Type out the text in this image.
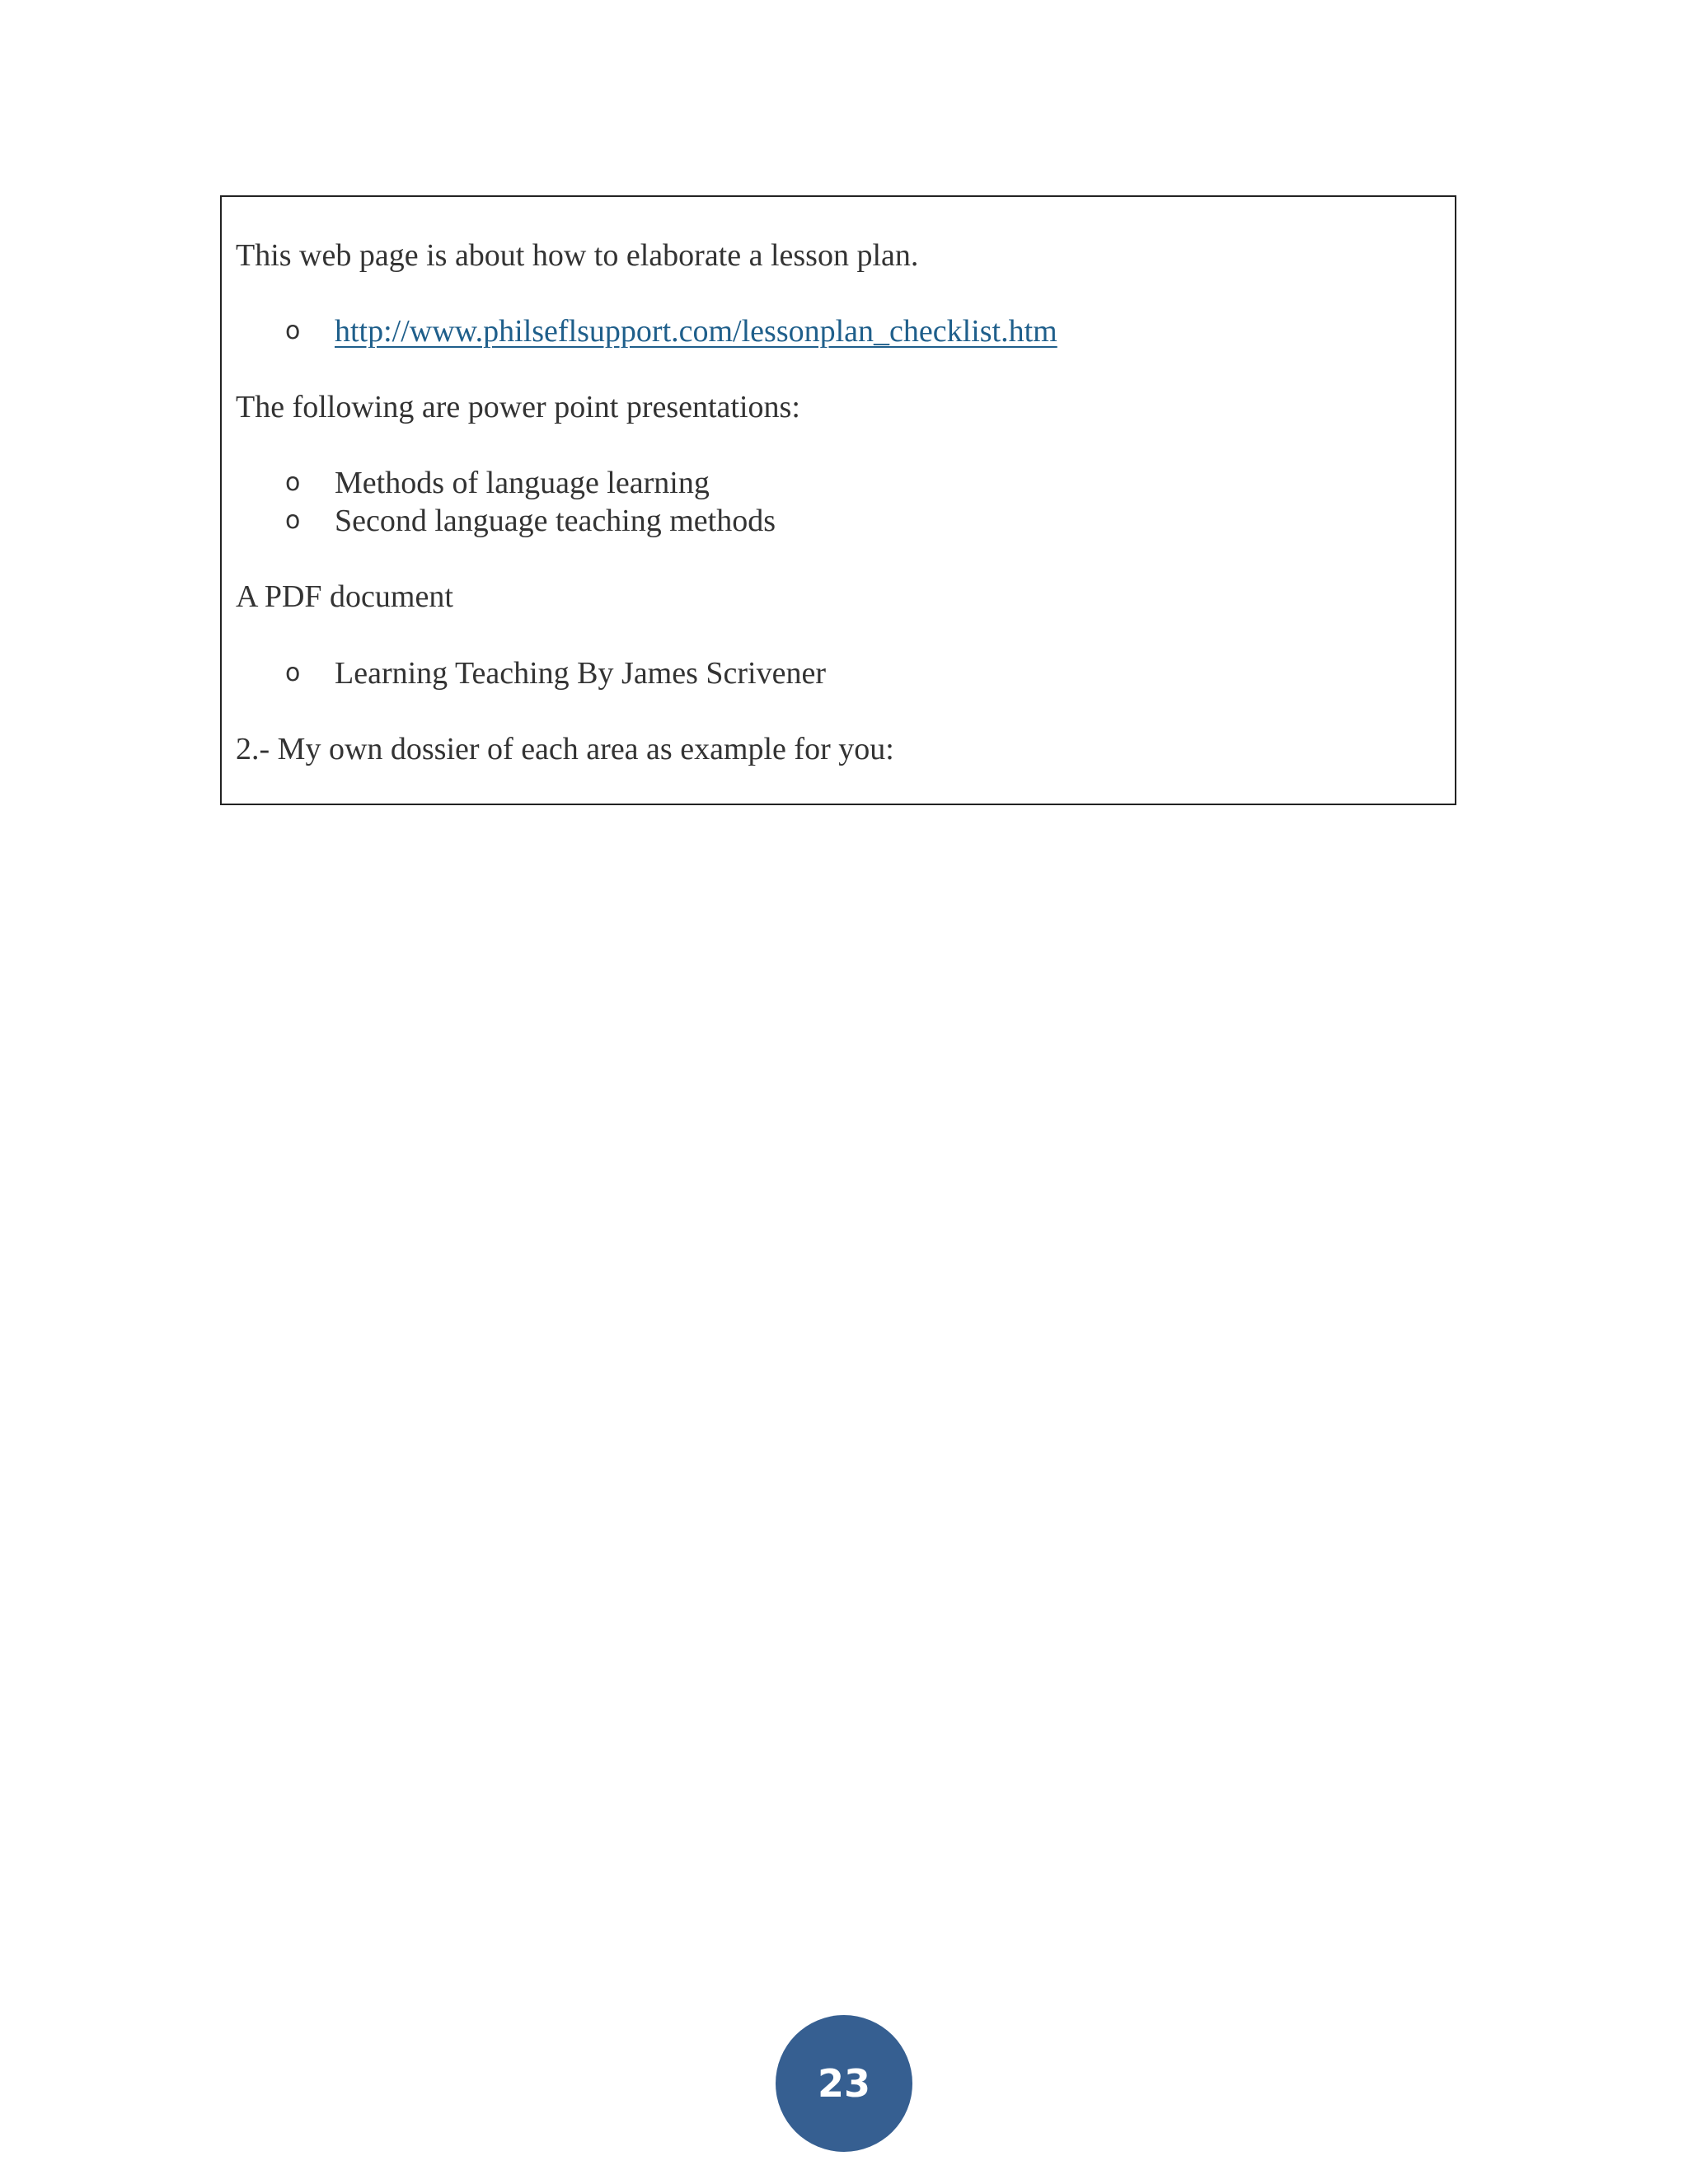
This web page is about how to elaborate a lesson plan.

o http://www.philseflsupport.com/lessonplan_checklist.htm

The following are power point presentations:

o Methods of language learning
o Second language teaching methods

A PDF document

o Learning Teaching By James Scrivener

2.- My own dossier of each area as example for you:

23
